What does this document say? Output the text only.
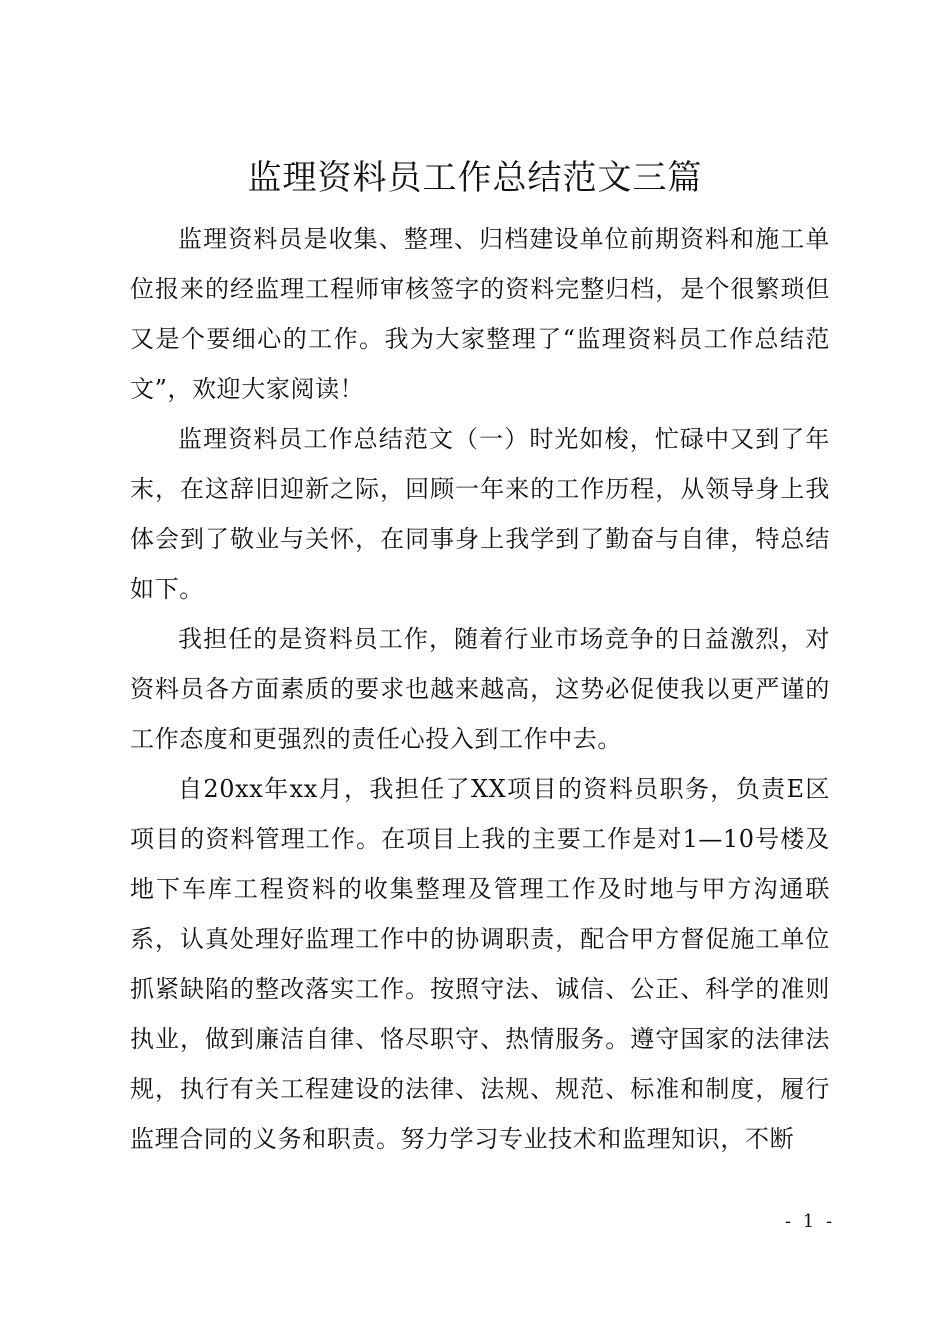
监理资料员工作总结范文三篇

监理资料员是收集、整理、归档建设单位前期资料和施工单位报来的经监理工程师审核签字的资料完整归档，是个很繁琐但又是个要细心的工作。我为大家整理了“监理资料员工作总结范文”，欢迎大家阅读！

监理资料员工作总结范文（一）时光如梭，忙碌中又到了年末，在这辞旧迎新之际，回顾一年来的工作历程，从领导身上我体会到了敬业与关怀，在同事身上我学到了勤奋与自律，特总结如下。

我担任的是资料员工作，随着行业市场竞争的日益激烈，对资料员各方面素质的要求也越来越高，这势必促使我以更严谨的工作态度和更强烈的责任心投入到工作中去。

自20xx年xx月，我担任了XX项目的资料员职务，负责E区项目的资料管理工作。在项目上我的主要工作是对1—10号楼及地下车库工程资料的收集整理及管理工作及时地与甲方沟通联系，认真处理好监理工作中的协调职责，配合甲方督促施工单位抓紧缺陷的整改落实工作。按照守法、诚信、公正、科学的准则执业，做到廉洁自律、恪尽职守、热情服务。遵守国家的法律法规，执行有关工程建设的法律、法规、规范、标准和制度，履行监理合同的义务和职责。努力学习专业技术和监理知识，不断

- 1 -
